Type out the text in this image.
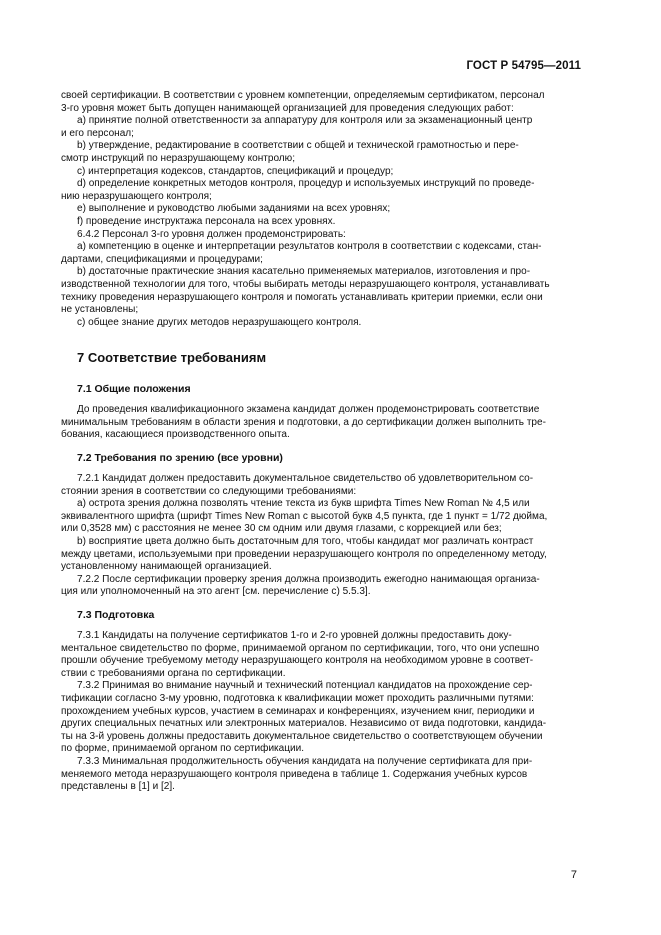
ГОСТ Р 54795—2011
своей сертификации. В соответствии с уровнем компетенции, определяемым сертификатом, персонал
3-го уровня может быть допущен нанимающей организацией для проведения следующих работ:
а) принятие полной ответственности за аппаратуру для контроля или за экзаменационный центр
и его персонал;
b) утверждение, редактирование в соответствии с общей и технической грамотностью и пере-
смотр инструкций по неразрушающему контролю;
c) интерпретация кодексов, стандартов, спецификаций и процедур;
d) определение конкретных методов контроля, процедур и используемых инструкций по проведе-
нию неразрушающего контроля;
e) выполнение и руководство любыми заданиями на всех уровнях;
f) проведение инструктажа персонала на всех уровнях.
6.4.2 Персонал 3-го уровня должен продемонстрировать:
а) компетенцию в оценке и интерпретации результатов контроля в соответствии с кодексами, стан-
дартами, спецификациями и процедурами;
b) достаточные практические знания касательно применяемых материалов, изготовления и про-
изводственной технологии для того, чтобы выбирать методы неразрушающего контроля, устанавливать
технику проведения неразрушающего контроля и помогать устанавливать критерии приемки, если они
не установлены;
c) общее знание других методов неразрушающего контроля.
7 Соответствие требованиям
7.1 Общие положения
До проведения квалификационного экзамена кандидат должен продемонстрировать соответствие
минимальным требованиям в области зрения и подготовки, а до сертификации должен выполнить тре-
бования, касающиеся производственного опыта.
7.2 Требования по зрению (все уровни)
7.2.1 Кандидат должен предоставить документальное свидетельство об удовлетворительном со-
стоянии зрения в соответствии со следующими требованиями:
а) острота зрения должна позволять чтение текста из букв шрифта Times New Roman № 4,5 или
эквивалентного шрифта (шрифт Times New Roman с высотой букв 4,5 пункта, где 1 пункт = 1/72 дюйма,
или 0,3528 мм) с расстояния не менее 30 см одним или двумя глазами, с коррекцией или без;
b) восприятие цвета должно быть достаточным для того, чтобы кандидат мог различать контраст
между цветами, используемыми при проведении неразрушающего контроля по определенному методу,
установленному нанимающей организацией.
7.2.2 После сертификации проверку зрения должна производить ежегодно нанимающая организа-
ция или уполномоченный на это агент [см. перечисление с) 5.5.3].
7.3 Подготовка
7.3.1 Кандидаты на получение сертификатов 1-го и 2-го уровней должны предоставить доку-
ментальное свидетельство по форме, принимаемой органом по сертификации, того, что они успешно
прошли обучение требуемому методу неразрушающего контроля на необходимом уровне в соответ-
ствии с требованиями органа по сертификации.
7.3.2 Принимая во внимание научный и технический потенциал кандидатов на прохождение сер-
тификации согласно 3-му уровню, подготовка к квалификации может проходить различными путями:
прохождением учебных курсов, участием в семинарах и конференциях, изучением книг, периодики и
других специальных печатных или электронных материалов. Независимо от вида подготовки, кандида-
ты на 3-й уровень должны предоставить документальное свидетельство о соответствующем обучении
по форме, принимаемой органом по сертификации.
7.3.3 Минимальная продолжительность обучения кандидата на получение сертификата для при-
меняемого метода неразрушающего контроля приведена в таблице 1. Содержания учебных курсов
представлены в [1] и [2].
7
